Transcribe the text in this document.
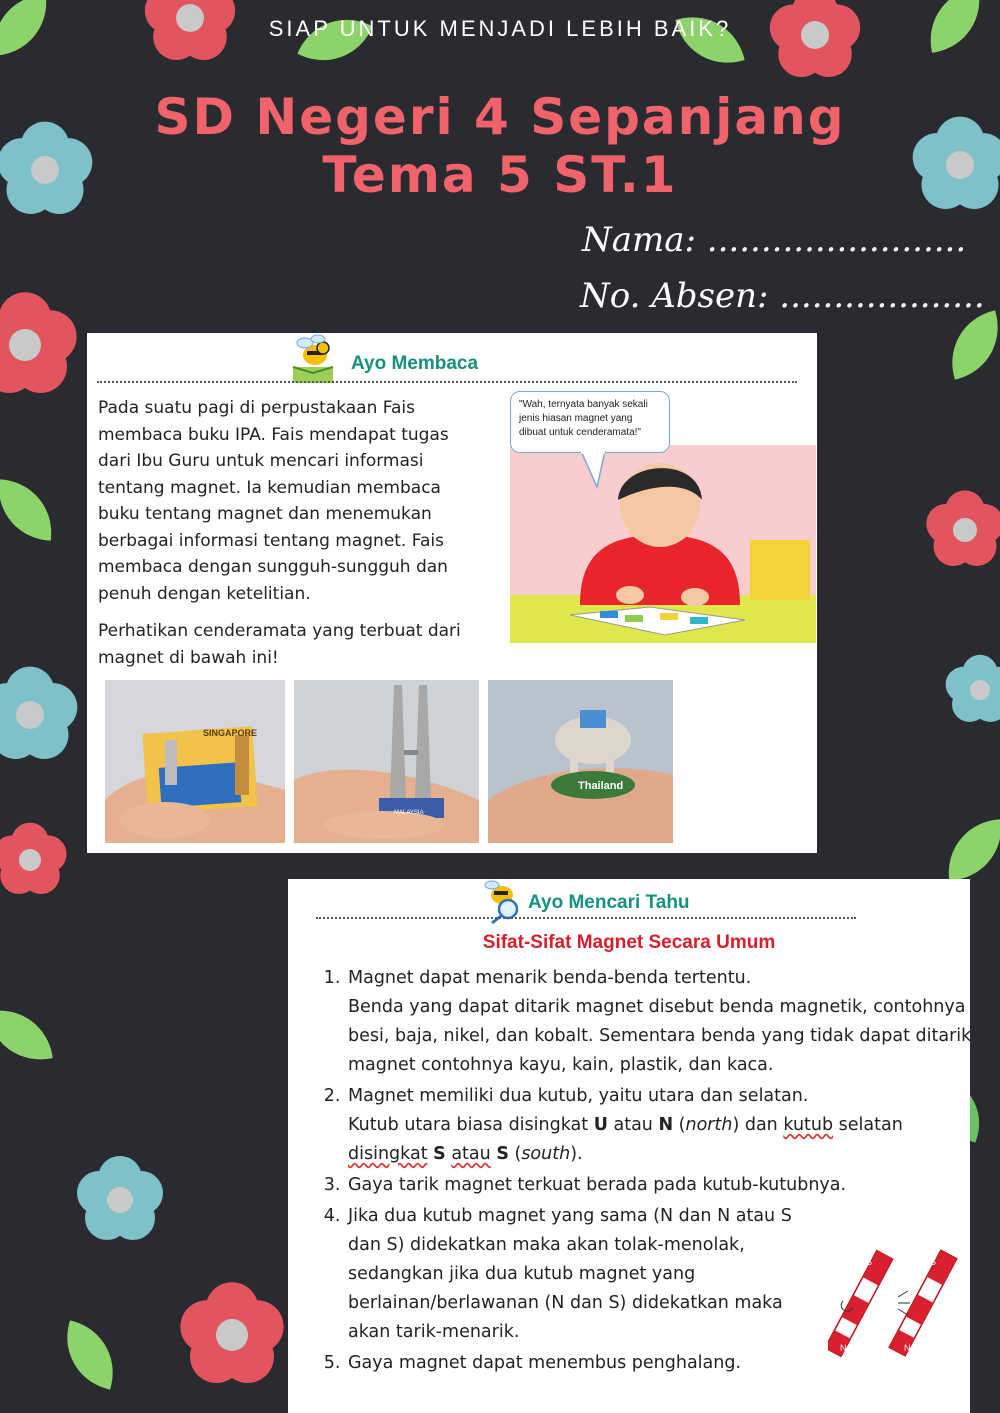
SIAP UNTUK MENJADI LEBIH BAIK?
SD Negeri 4 Sepanjang
Tema 5 ST.1
Nama: ........................
No. Absen: ...................
Ayo Membaca
Pada suatu pagi di perpustakaan Fais membaca buku IPA. Fais mendapat tugas dari Ibu Guru untuk mencari informasi tentang magnet. Ia kemudian membaca buku tentang magnet dan menemukan berbagai informasi tentang magnet. Fais membaca dengan sungguh-sungguh dan penuh dengan ketelitian.
Perhatikan cenderamata yang terbuat dari magnet di bawah ini!
"Wah, ternyata banyak sekali jenis hiasan magnet yang dibuat untuk cenderamata!"
SINGAPORE
MALAYSIA
Thailand
Ayo Mencari Tahu
Sifat-Sifat Magnet Secara Umum
1. Magnet dapat menarik benda-benda tertentu.
Benda yang dapat ditarik magnet disebut benda magnetik, contohnya besi, baja, nikel, dan kobalt. Sementara benda yang tidak dapat ditarik magnet contohnya kayu, kain, plastik, dan kaca.
2. Magnet memiliki dua kutub, yaitu utara dan selatan.
Kutub utara biasa disingkat U atau N (north) dan kutub selatan disingkat S atau S (south).
3. Gaya tarik magnet terkuat berada pada kutub-kutubnya.
4. Jika dua kutub magnet yang sama (N dan N atau S dan S) didekatkan maka akan tolak-menolak, sedangkan jika dua kutub magnet yang berlainan/berlawanan (N dan S) didekatkan maka akan tarik-menarik.
5. Gaya magnet dapat menembus penghalang.
S
N
S
N
